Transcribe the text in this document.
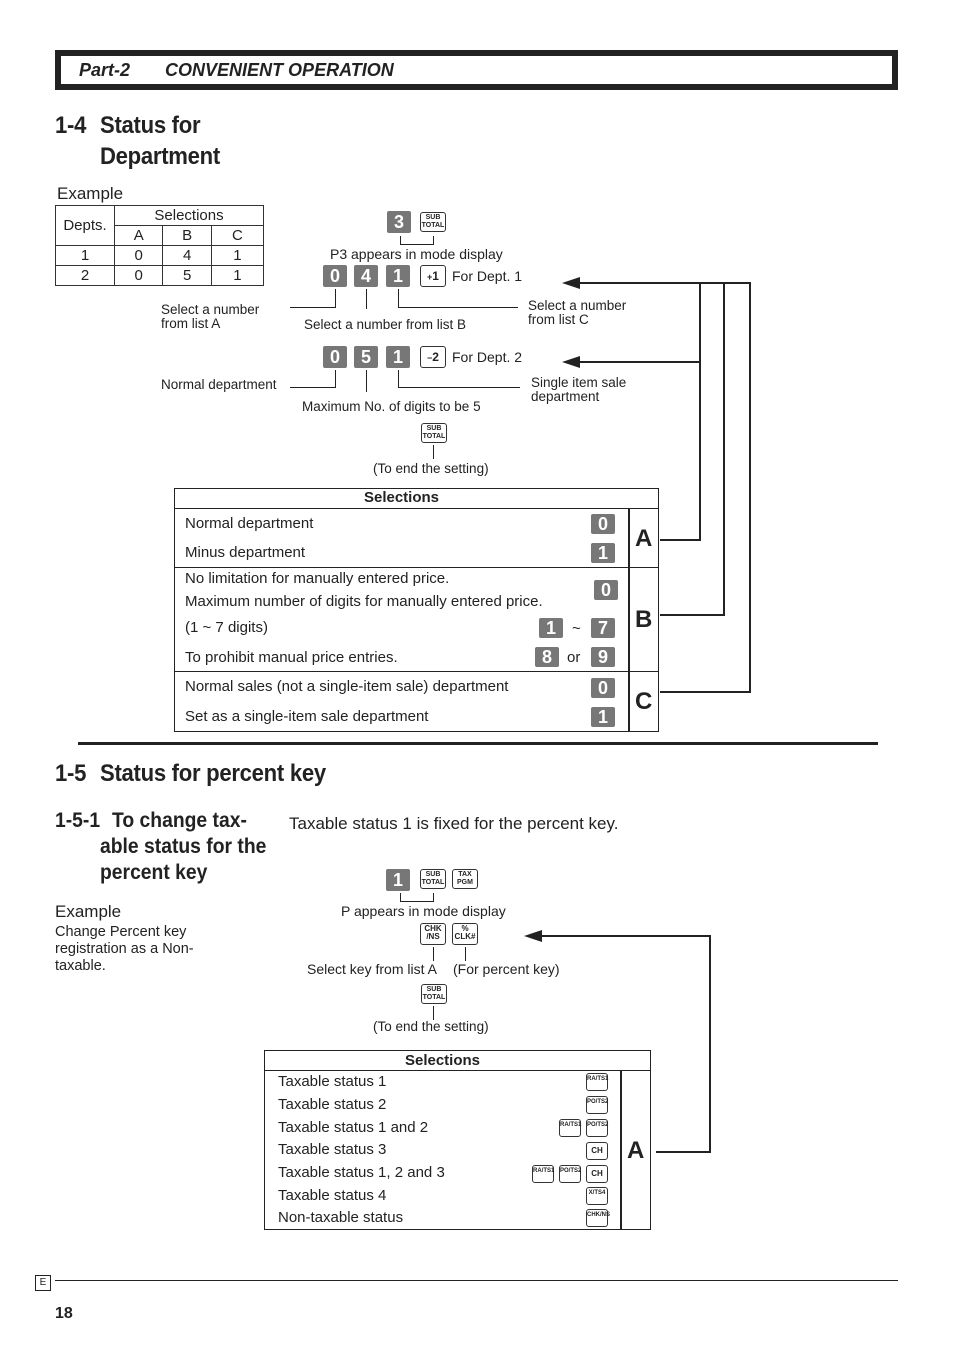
Part-2 CONVENIENT OPERATION
1-4 Status for
Department
Example
Depts.	Selections		
	A	B	C
1	0	4	1
2	0	5	1
3	SUB TOTAL
P3 appears in mode display
0	4	1	+1 For Dept. 1
Select a number
from list A	Select a number from list B
Select a number
from list C
0	5	1	−2 For Dept. 2
Normal department	Single item sale
department
Maximum No. of digits to be 5
SUB TOTAL
(To end the setting)
Selections
Normal department	0
Minus department	1
A
No limitation for manually entered price.
0
Maximum number of digits for manually entered price.
(1 ~ 7 digits)	1	~ 7
To prohibit manual price entries.	8	or 9
B
Normal sales (not a single-item sale) department	0
Set as a single-item sale department	1
C
1-5 Status for percent key
1-5-1 To change tax-
able status for the
percent key
Taxable status 1 is fixed for the percent key.
Example
Change Percent key
registration as a Non-
taxable.
1	SUB TOTAL
TAX PGM
P appears in mode display
CHK /NS
% CLK#
Select key from list A (For percent key)
SUB TOTAL
(To end the setting)
Selections
A
Taxable status 1	RA/TS1
Taxable status 2	PO/TS2
Taxable status 1 and 2	RA/TS1 PO/TS2
Taxable status 3	CH
Taxable status 1, 2 and 3	RA/TS1 PO/TS2	CH
Taxable status 4	X/TS4
Non-taxable status	CHK/NS
E
18
